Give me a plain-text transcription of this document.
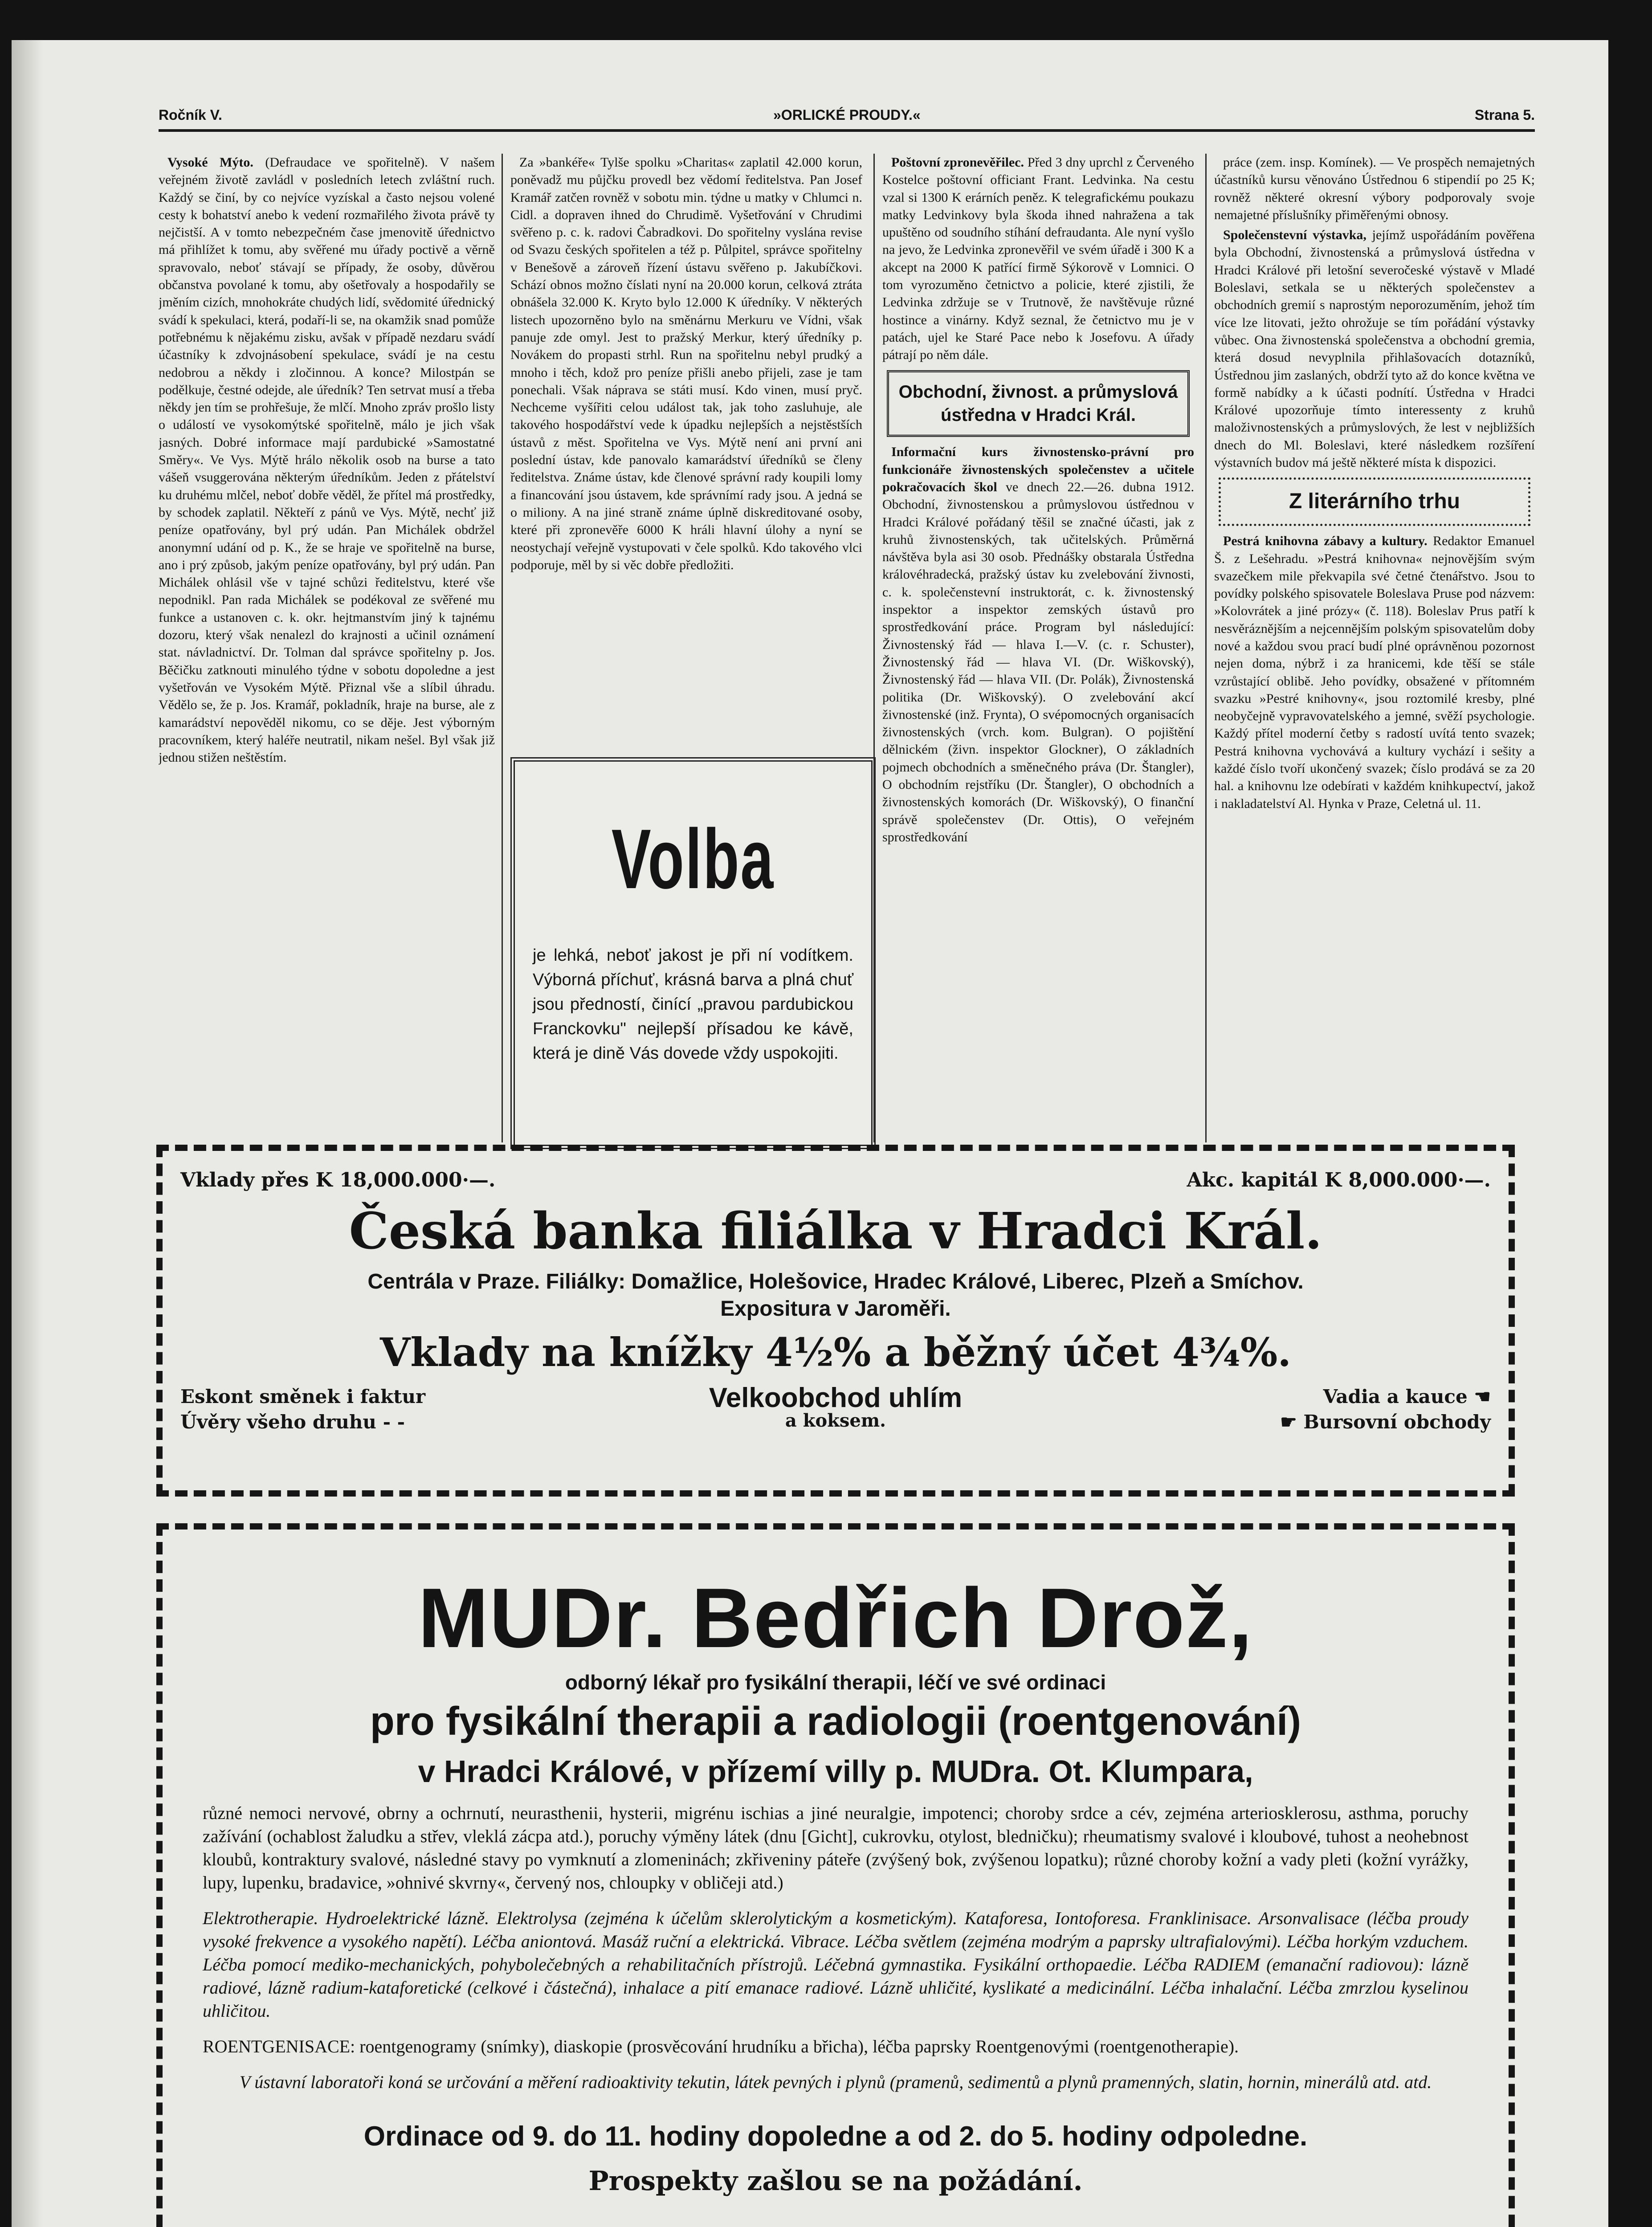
Ročník V.	»ORLICKÉ PROUDY.«	Strana 5.

Vysoké Mýto. (Defraudace ve spořitelně). V našem veřejném životě zavládl v posledních letech zvláštní ruch. Každý se činí, by co nejvíce vyzískal a často nejsou volené cesty k bohatství anebo k vedení rozmařilého života právě ty nejčistší. A v tomto nebezpečném čase jmenovitě úřednictvo má přihlížet k tomu, aby svěřené mu úřady poctivě a věrně spravovalo, neboť stávají se případy, že osoby, důvěrou občanstva povolané k tomu, aby ošetřovaly a hospodařily se jměním cizích, mnohokráte chudých lidí, svědomité úřednický svádí k spekulaci, která, podaří-li se, na okamžik snad pomůže potřebnému k nějakému zisku, avšak v případě nezdaru svádí účastníky k zdvojnásobení spekulace, svádí je na cestu nedobrou a někdy i zločinnou. A konce? Milostpán se podělkuje, čestné odejde, ale úředník? Ten setrvat musí a třeba někdy jen tím se prohřešuje, že mlčí. Mnoho zpráv prošlo listy o událostí ve vysokomýtské spořitelně, málo je jich však jasných. Dobré informace mají pardubické »Samostatné Směry«. Ve Vys. Mýtě hrálo několik osob na burse a tato vášeň vsuggerována některým úředníkům. Jeden z přátelství ku druhému mlčel, neboť dobře věděl, že přítel má prostředky, by schodek zaplatil. Někteří z pánů ve Vys. Mýtě, nechť již peníze opatřovány, byl prý udán. Pan Michálek obdržel anonymní udání od p. K., že se hraje ve spořitelně na burse, ano i prý způsob, jakým peníze opatřovány, byl prý udán. Pan Michálek ohlásil vše v tajné schůzi ředitelstvu, které vše nepodnikl. Pan rada Michálek se podékoval ze svěřené mu funkce a ustanoven c. k. okr. hejtmanstvím jiný k tajnému dozoru, který však nenalezl do krajnosti a učinil oznámení stat. návladnictví. Dr. Tolman dal správce spořitelny p. Jos. Běčičku zatknouti minulého týdne v sobotu dopoledne a jest vyšetřován ve Vysokém Mýtě. Přiznal vše a slíbil úhradu. Vědělo se, že p. Jos. Kramář, pokladník, hraje na burse, ale z kamarádství nepověděl nikomu, co se děje. Jest výborným pracovníkem, který haléře neutratil, nikam nešel. Byl však již jednou stižen neštěstím.

Za »bankéře« Tylše spolku »Charitas« zaplatil 42.000 korun, poněvadž mu půjčku provedl bez vědomí ředitelstva. Pan Josef Kramář zatčen rovněž v sobotu min. týdne u matky v Chlumci n. Cidl. a dopraven ihned do Chrudimě. Vyšetřování v Chrudimi svěřeno p. c. k. radovi Čabradkovi. Do spořitelny vyslána revise od Svazu českých spořitelen a též p. Půlpitel, správce spořitelny v Benešově a zároveň řízení ústavu svěřeno p. Jakubíčkovi. Schází obnos možno číslati nyní na 20.000 korun, celková ztráta obnášela 32.000 K. Kryto bylo 12.000 K úředníky. V některých listech upozorněno bylo na směnárnu Merkuru ve Vídni, však panuje zde omyl. Jest to pražský Merkur, který úředníky p. Novákem do propasti strhl. Run na spořitelnu nebyl prudký a mnoho i těch, kdož pro peníze přišli anebo přijeli, zase je tam ponechali. Však náprava se státi musí. Kdo vinen, musí pryč. Nechceme vyšířiti celou událost tak, jak toho zasluhuje, ale takového hospodářství vede k úpadku nejlepších a nejstěstších ústavů z měst. Spořitelna ve Vys. Mýtě není ani první ani poslední ústav, kde panovalo kamarádství úředníků se členy ředitelstva. Známe ústav, kde členové správní rady koupili lomy a financování jsou ústavem, kde správnímí rady jsou. A jedná se o miliony. A na jiné straně známe úplně diskreditované osoby, které při zpronevěře 6000 K hráli hlavní úlohy a nyní se neostychají veřejně vystupovati v čele spolků. Kdo takového vlci podporuje, měl by si věc dobře předložiti.

Volba
je lehká, neboť jakost je při ní vodítkem. Výborná příchuť, krásná barva a plná chuť jsou předností, činící „pravou pardubickou Franckovku" nejlepší přísadou ke kávě, která je dině Vás dovede vždy uspokojiti.

Poštovní zpronevěřilec. Před 3 dny uprchl z Červeného Kostelce poštovní officiant Frant. Ledvinka. Na cestu vzal si 1300 K erárních peněz. K telegrafickému poukazu matky Ledvinkovy byla škoda ihned nahražena a tak upuštěno od soudního stíhání defraudanta. Ale nyní vyšlo na jevo, že Ledvinka zpronevěřil ve svém úřadě i 300 K a akcept na 2000 K patřící firmě Sýkorově v Lomnici. O tom vyrozuměno četnictvo a policie, které zjistili, že Ledvinka zdržuje se v Trutnově, že navštěvuje různé hostince a vinárny. Když seznal, že četnictvo mu je v patách, ujel ke Staré Pace nebo k Josefovu. A úřady pátrají po něm dále.

Obchodní, živnost. a průmyslová ústředna v Hradci Král.

Informační kurs živnostensko-právní pro funkcionáře živnostenských společenstev a učitele pokračovacích škol ve dnech 22.—26. dubna 1912. Obchodní, živnostenskou a průmyslovou ústřednou v Hradci Králové pořádaný těšil se značné účasti, jak z kruhů živnostenských, tak učitelských. Průměrná návštěva byla asi 30 osob. Přednášky obstarala Ústředna královéhradecká, pražský ústav ku zvelebování živnosti, c. k. společenstevní instruktorát, c. k. živnostenský inspektor a inspektor zemských ústavů pro sprostředkování práce. Program byl následující: Živnostenský řád — hlava I.—V. (c. r. Schuster), Živnostenský řád — hlava VI. (Dr. Wiškovský), Živnostenský řád — hlava VII. (Dr. Polák), Živnostenská politika (Dr. Wiškovský). O zvelebování akcí živnostenské (inž. Frynta), O svépomocných organisacích živnostenských (vrch. kom. Bulgran). O pojištění dělnickém (živn. inspektor Glockner), O základních pojmech obchodních a směnečného práva (Dr. Štangler), O obchodním rejstříku (Dr. Štangler), O obchodních a živnostenských komorách (Dr. Wiškovský), O finanční správě společenstev (Dr. Ottis), O veřejném sprostředkování

práce (zem. insp. Komínek). — Ve prospěch nemajetných účastníků kursu věnováno Ústřednou 6 stipendií po 25 K; rovněž některé okresní výbory podporovaly svoje nemajetné příslušníky přiměřenými obnosy.

Společenstevní výstavka, jejímž uspořádáním pověřena byla Obchodní, živnostenská a průmyslová ústředna v Hradci Králové při letošní severočeské výstavě v Mladé Boleslavi, setkala se u některých společenstev a obchodních gremií s naprostým neporozuměním, jehož tím více lze litovati, ježto ohrožuje se tím pořádání výstavky vůbec. Ona živnostenská společenstva a obchodní gremia, která dosud nevyplnila přihlašovacích dotazníků, Ústřednou jim zaslaných, obdrží tyto až do konce května ve formě nabídky a k účasti podnítí. Ústředna v Hradci Králové upozorňuje tímto interessenty z kruhů maloživnostenských a průmyslových, že lest v nejbližších dnech do Ml. Boleslavi, které následkem rozšíření výstavních budov má ještě některé místa k dispozici.

Z literárního trhu

Pestrá knihovna zábavy a kultury. Redaktor Emanuel Š. z Lešehradu. »Pestrá knihovna« nejnovějším svým svazečkem mile překvapila své četné čtenářstvo. Jsou to povídky polského spisovatele Boleslava Pruse pod názvem: »Kolovrátek a jiné prózy« (č. 118). Boleslav Prus patří k nesvěráznějším a nejcennějším polským spisovatelům doby nové a každou svou prací budí plné oprávněnou pozornost nejen doma, nýbrž i za hranicemi, kde těší se stále vzrůstající oblibě. Jeho povídky, obsažené v přítomném svazku »Pestré knihovny«, jsou roztomilé kresby, plné neobyčejně vypravovatelského a jemné, svěží psychologie. Každý přítel moderní četby s radostí uvítá tento svazek; Pestrá knihovna vychovává a kultury vychází i sešity a každé číslo tvoří ukončený svazek; číslo prodává se za 20 hal. a knihovnu lze odebírati v každém knihkupectví, jakož i nakladatelství Al. Hynka v Praze, Celetná ul. 11.

Vklady přes K 18,000.000·—.	Akc. kapitál K 8,000.000·—.
Česká banka filiálka v Hradci Král.
Centrála v Praze. Filiálky: Domažlice, Holešovice, Hradec Králové, Liberec, Plzeň a Smíchov.
Expositura v Jaroměři.
Vklady na knížky 4½% a běžný účet 4¾%.
Eskont směnek i faktur
Úvěry všeho druhu - -
Velkoobchod uhlím
a koksem.
Vadia a kauce ☚
☛ Bursovní obchody
MUDr. Bedřich Drož,
odborný lékař pro fysikální therapii, léčí ve své ordinaci
pro fysikální therapii a radiologii (roentgenování)
v Hradci Králové, v přízemí villy p. MUDra. Ot. Klumpara,
různé nemoci nervové, obrny a ochrnutí, neurasthenii, hysterii, migrénu ischias a jiné neuralgie, impotenci; choroby srdce a cév, zejména arteriosklerosu, asthma, poruchy zažívání (ochablost žaludku a střev, vleklá zácpa atd.), poruchy výměny látek (dnu [Gicht], cukrovku, otylost, bledničku); rheumatismy svalové i kloubové, tuhost a neohebnost kloubů, kontraktury svalové, následné stavy po vymknutí a zlomeninách; zkřiveniny páteře (zvýšený bok, zvýšenou lopatku); různé choroby kožní a vady pleti (kožní vyrážky, lupy, lupenku, bradavice, »ohnivé skvrny«, červený nos, chloupky v obličeji atd.)
Elektrotherapie. Hydroelektrické lázně. Elektrolysa (zejména k účelům sklerolytickým a kosmetickým). Kataforesa, Iontoforesa. Franklinisace. Arsonvalisace (léčba proudy vysoké frekvence a vysokého napětí). Léčba aniontová. Masáž ruční a elektrická. Vibrace. Léčba světlem (zejména modrým a paprsky ultrafialovými). Léčba horkým vzduchem. Léčba pomocí mediko-mechanických, pohybolečebných a rehabilitačních přístrojů. Léčebná gymnastika. Fysikální orthopaedie. Léčba RADIEM (emanační radiovou): lázně radiové, lázně radium-kataforetické (celkové i částečná), inhalace a pití emanace radiové. Lázně uhličité, kyslikaté a medicinální. Léčba inhalační. Léčba zmrzlou kyselinou uhličitou.
ROENTGENISACE: roentgenogramy (snímky), diaskopie (prosvěcování hrudníku a břicha), léčba paprsky Roentgenovými (roentgenotherapie).
V ústavní laboratoři koná se určování a měření radioaktivity tekutin, látek pevných i plynů (pramenů, sedimentů a plynů pramenných, slatin, hornin, minerálů atd. atd.
Ordinace od 9. do 11. hodiny dopoledne a od 2. do 5. hodiny odpoledne.
Prospekty zašlou se na požádání.
